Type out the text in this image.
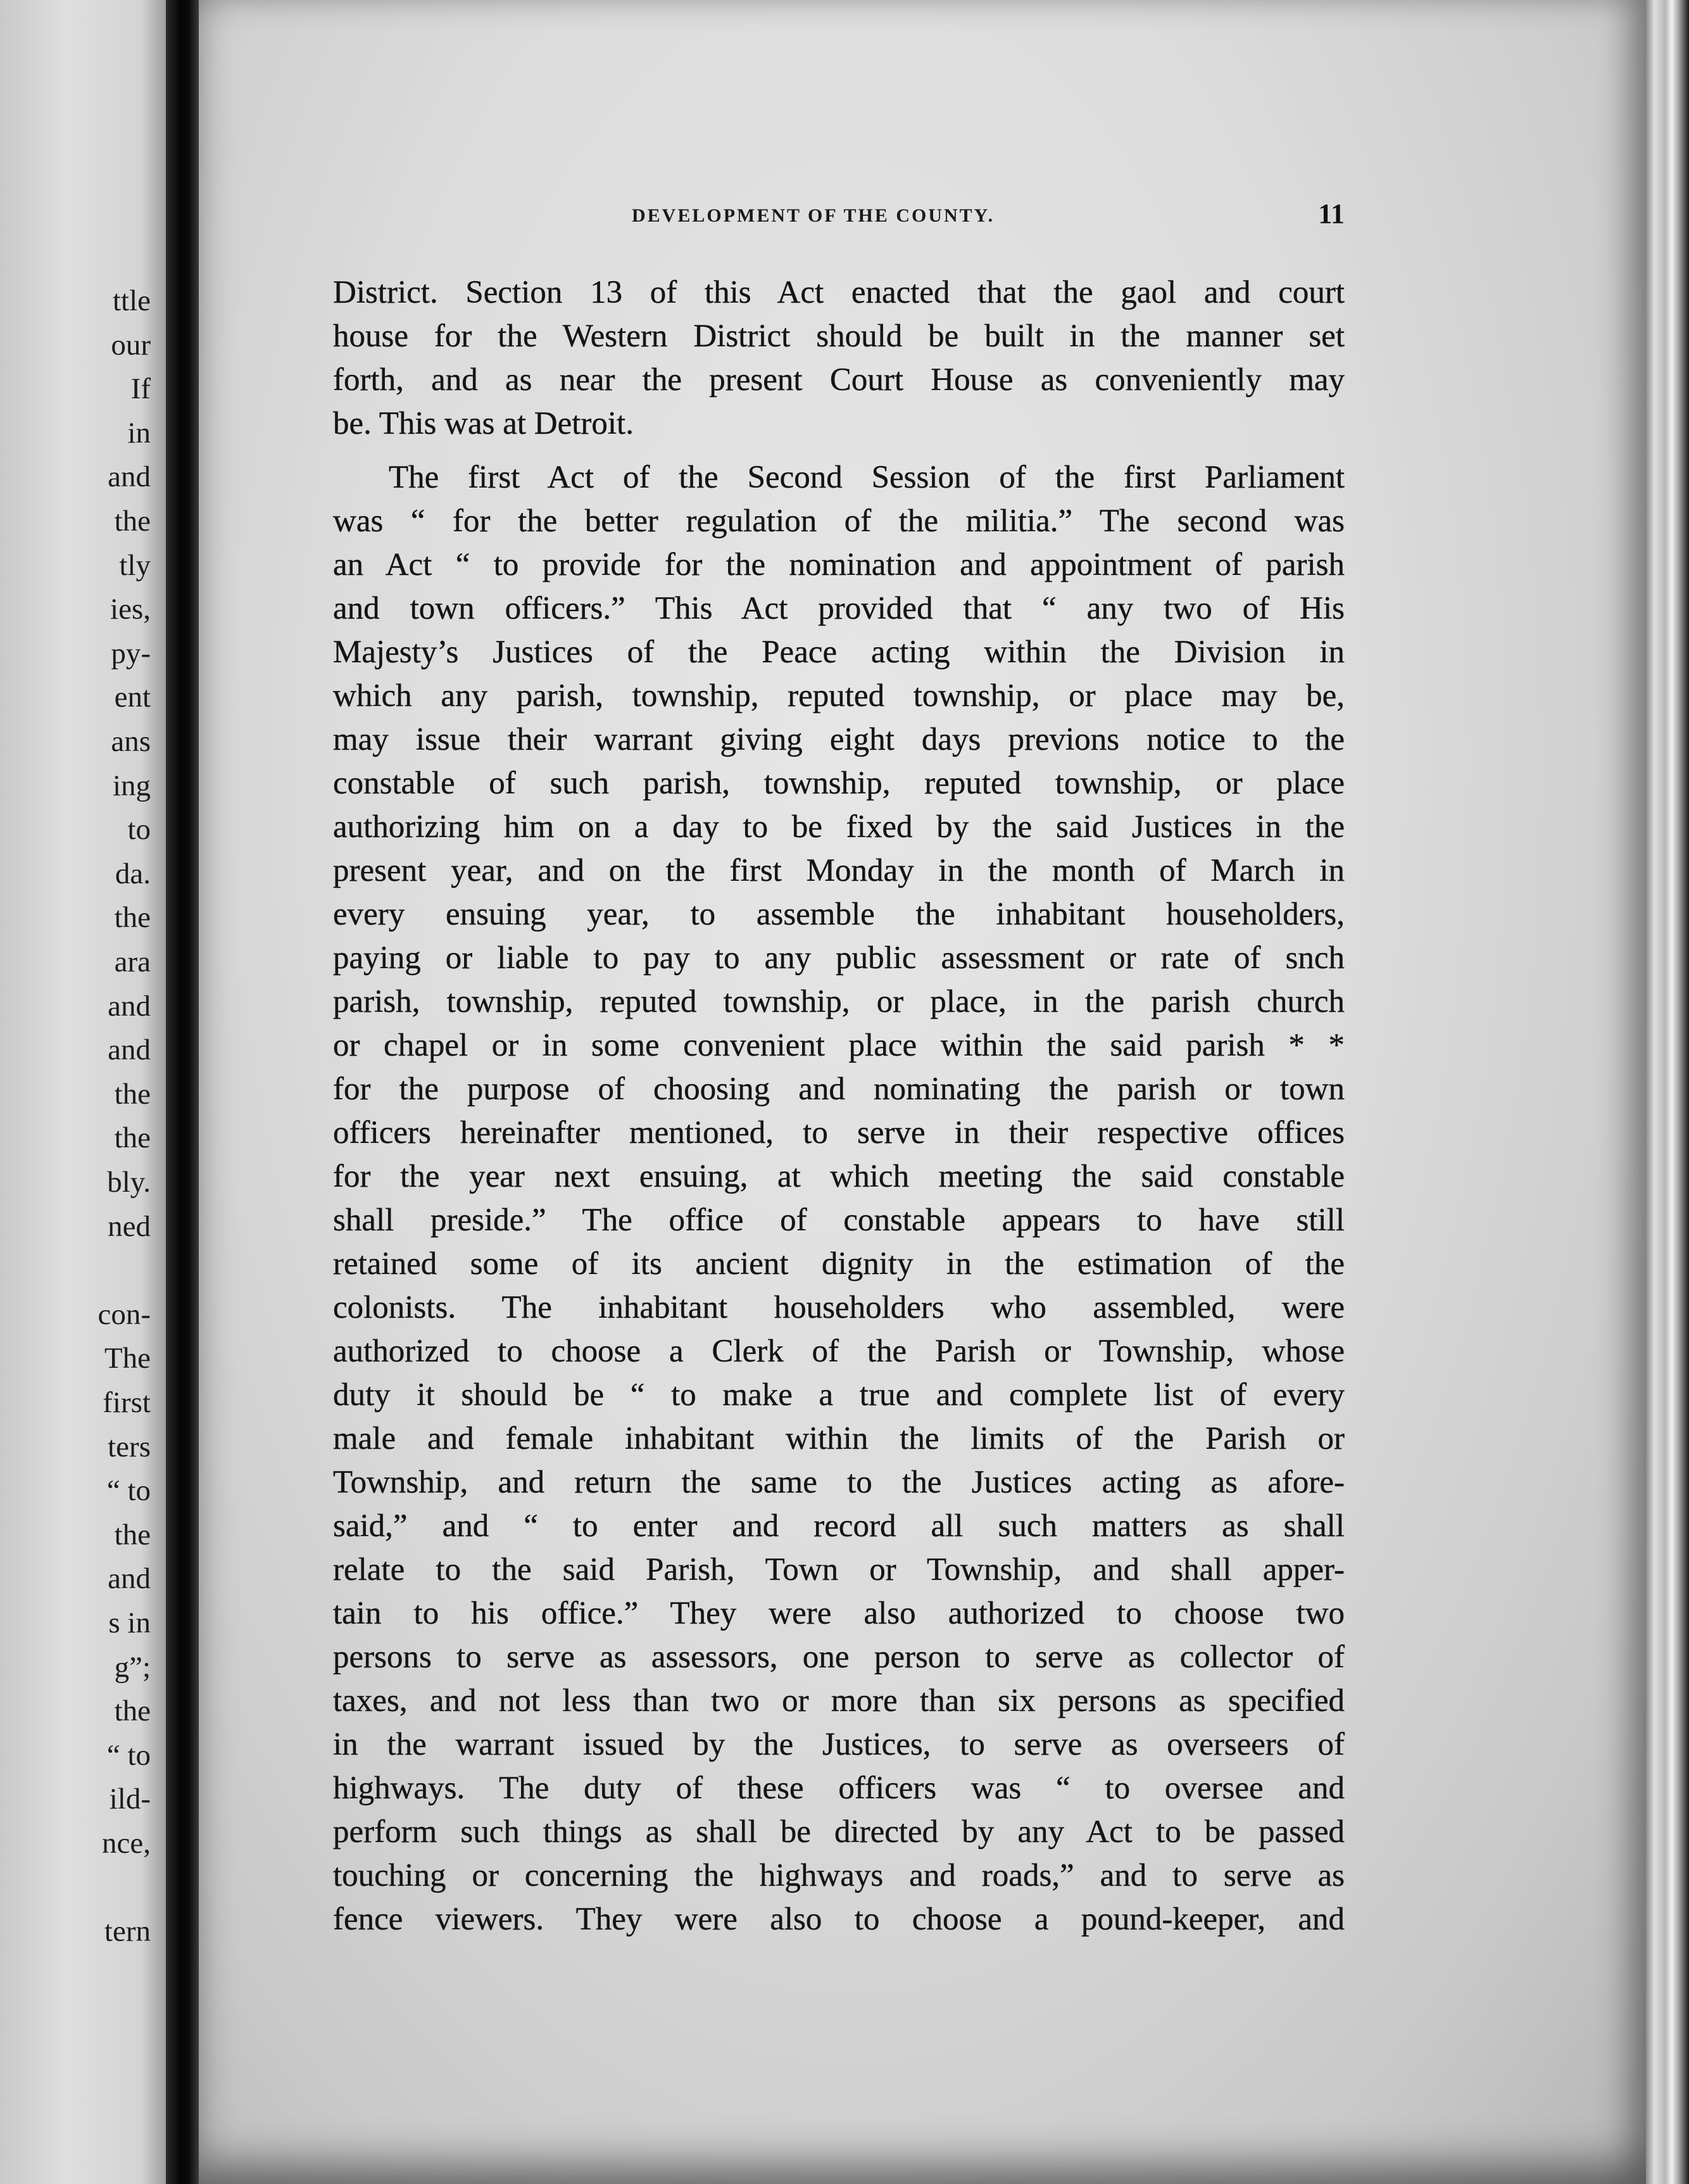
ttle
our
If
in
and
the
tly
ies,
py-
ent
ans
ing
to
da.
the
ara
and
and
the
the
bly.
ned
con-
The
first
ters
“ to
the
and
s in
g”;
the
“ to
ild-
nce,
tern
DEVELOPMENT OF THE COUNTY.	11
District. Section 13 of this Act enacted that the gaol and court
house for the Western District should be built in the manner set
forth, and as near the present Court House as conveniently may
be. This was at Detroit.
The first Act of the Second Session of the first Parliament
was “ for the better regulation of the militia.” The second was
an Act “ to provide for the nomination and appointment of parish
and town officers.” This Act provided that “ any two of His
Majesty’s Justices of the Peace acting within the Division in
which any parish, township, reputed township, or place may be,
may issue their warrant giving eight days previons notice to the
constable of such parish, township, reputed township, or place
authorizing him on a day to be fixed by the said Justices in the
present year, and on the first Monday in the month of March in
every ensuing year, to assemble the inhabitant householders,
paying or liable to pay to any public assessment or rate of snch
parish, township, reputed township, or place, in the parish church
or chapel or in some convenient place within the said parish * *
for the purpose of choosing and nominating the parish or town
officers hereinafter mentioned, to serve in their respective offices
for the year next ensuing, at which meeting the said constable
shall preside.” The office of constable appears to have still
retained some of its ancient dignity in the estimation of the
colonists. The inhabitant householders who assembled, were
authorized to choose a Clerk of the Parish or Township, whose
duty it should be “ to make a true and complete list of every
male and female inhabitant within the limits of the Parish or
Township, and return the same to the Justices acting as afore-
said,” and “ to enter and record all such matters as shall
relate to the said Parish, Town or Township, and shall apper-
tain to his office.” They were also authorized to choose two
persons to serve as assessors, one person to serve as collector of
taxes, and not less than two or more than six persons as specified
in the warrant issued by the Justices, to serve as overseers of
highways. The duty of these officers was “ to oversee and
perform such things as shall be directed by any Act to be passed
touching or concerning the highways and roads,” and to serve as
fence viewers. They were also to choose a pound-keeper, and
